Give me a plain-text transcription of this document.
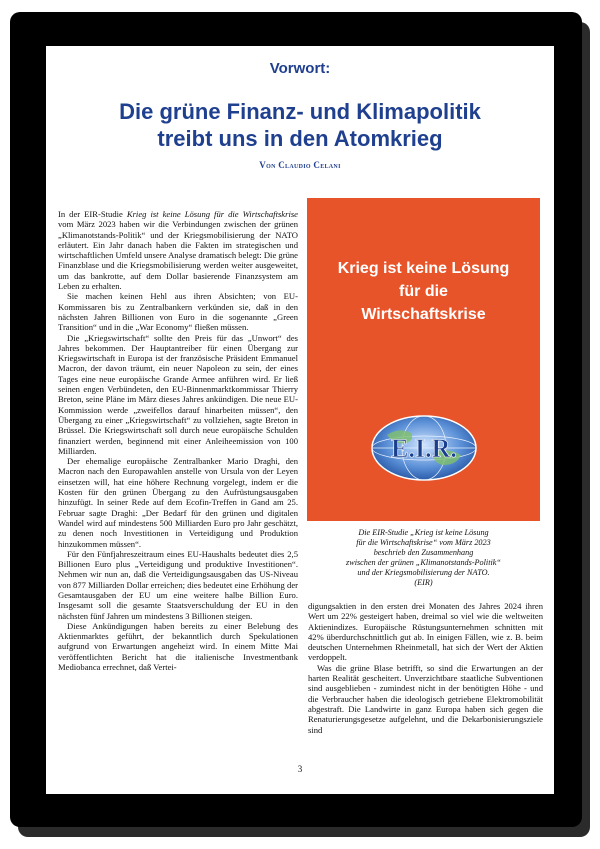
Vorwort:
Die grüne Finanz- und Klimapolitik
treibt uns in den Atomkrieg
Von Claudio Celani

In der EIR-Studie Krieg ist keine Lösung für die Wirtschaftskrise vom März 2023 haben wir die Verbindungen zwischen der grünen „Klimanotstands-Politik“ und der Kriegsmobilisierung der NATO erläutert. Ein Jahr danach haben die Fakten im strategischen und wirtschaftlichen Umfeld unsere Analyse dramatisch belegt: Die grüne Finanzblase und die Kriegsmobilisierung werden weiter ausgeweitet, um das bankrotte, auf dem Dollar basierende Finanzsystem am Leben zu erhalten.

Sie machen keinen Hehl aus ihren Absichten; von EU-Kommissaren bis zu Zentralbankern verkünden sie, daß in den nächsten Jahren Billionen von Euro in die sogenannte „Green Transition“ und in die „War Economy“ fließen müssen.

Die „Kriegswirtschaft“ sollte den Preis für das „Unwort“ des Jahres bekommen. Der Hauptantreiber für einen Übergang zur Kriegswirtschaft in Europa ist der französische Präsident Emmanuel Macron, der davon träumt, ein neuer Napoleon zu sein, der eines Tages eine neue europäische Grande Armee anführen wird. Er ließ seinen engen Verbündeten, den EU-Binnenmarktkommissar Thierry Breton, seine Pläne im März dieses Jahres ankündigen. Die neue EU-Kommission werde „zweifellos darauf hinarbeiten müssen“, den Übergang zu einer „Kriegswirtschaft“ zu vollziehen, sagte Breton in Brüssel. Die Kriegswirtschaft soll durch neue europäische Schulden finanziert werden, beginnend mit einer Anleiheemission von 100 Milliarden.

Der ehemalige europäische Zentralbanker Mario Draghi, den Macron nach den Europawahlen anstelle von Ursula von der Leyen einsetzen will, hat eine höhere Rechnung vorgelegt, indem er die Kosten für den grünen Übergang zu den Aufrüstungsausgaben hinzufügt. In seiner Rede auf dem Ecofin-Treffen in Gand am 25. Februar sagte Draghi: „Der Bedarf für den grünen und digitalen Wandel wird auf mindestens 500 Milliarden Euro pro Jahr geschätzt, zu denen noch Investitionen in Verteidigung und Produktion hinzukommen müssen“.

Für den Fünfjahreszeitraum eines EU-Haushalts bedeutet dies 2,5 Billionen Euro plus „Verteidigung und produktive Investitionen“. Nehmen wir nun an, daß die Verteidigungsausgaben das US-Niveau von 877 Milliarden Dollar erreichen; dies bedeutet eine Erhöhung der Gesamtausgaben der EU um eine weitere halbe Billion Euro. Insgesamt soll die gesamte Staatsverschuldung der EU in den nächsten fünf Jahren um mindestens 3 Billionen steigen.

Diese Ankündigungen haben bereits zu einer Belebung des Aktienmarktes geführt, der bekanntlich durch Spekulationen aufgrund von Erwartungen angeheizt wird. In einem Mitte Mai veröffentlichten Bericht hat die italienische Investmentbank Mediobanca errechnet, daß Vertei-

Krieg ist keine Lösung
für die
Wirtschaftskrise
E.I.R.
Die EIR-Studie „Krieg ist keine Lösung
für die Wirtschaftskrise“ vom März 2023
beschrieb den Zusammenhang
zwischen der grünen „Klimanotstands-Politik“
und der Kriegsmobilisierung der NATO.
(EIR)

digungsaktien in den ersten drei Monaten des Jahres 2024 ihren Wert um 22% gesteigert haben, dreimal so viel wie die weltweiten Aktienindizes. Europäische Rüstungsunternehmen schnitten mit 42% überdurchschnittlich gut ab. In einigen Fällen, wie z. B. beim deutschen Unternehmen Rheinmetall, hat sich der Wert der Aktien verdoppelt.

Was die grüne Blase betrifft, so sind die Erwartungen an der harten Realität gescheitert. Unverzichtbare staatliche Subventionen sind ausgeblieben - zumindest nicht in der benötigten Höhe - und die Verbraucher haben die ideologisch getriebene Elektromobilität abgestraft. Die Landwirte in ganz Europa haben sich gegen die Renaturierungsgesetze aufgelehnt, und die Dekarbonisierungsziele sind

3
